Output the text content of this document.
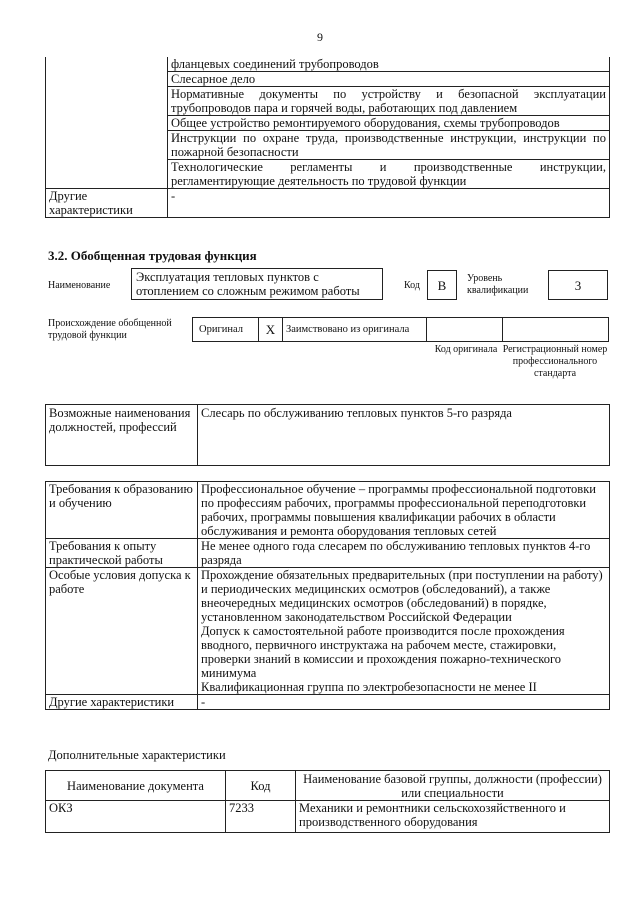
9
	фланцевых соединений трубопроводов
	Слесарное дело
	Нормативные документы по устройству и безопасной эксплуатации трубопроводов пара и горячей воды, работающих под давлением
	Общее устройство ремонтируемого оборудования, схемы трубопроводов
	Инструкции по охране труда, производственные инструкции, инструкции по пожарной безопасности
	Технологические регламенты и производственные инструкции, регламентирующие деятельность по трудовой функции
Другие характеристики	-
3.2. Обобщенная трудовая функция
Наименование
Эксплуатация тепловых пунктов с отоплением со сложным режимом работы	Код	В	Уровень квалификации	3
Происхождение обобщенной трудовой функции
Оригинал	X	Заимствовано из оригинала		
Код оригинала Регистрационный номер профессионального стандарта
Возможные наименования должностей, профессий	Слесарь по обслуживанию тепловых пунктов 5-го разряда
Требования к образованию и обучению	Профессиональное обучение – программы профессиональной подготовки по профессиям рабочих, программы профессиональной переподготовки рабочих, программы повышения квалификации рабочих в области обслуживания и ремонта оборудования тепловых сетей
Требования к опыту практической работы	Не менее одного года слесарем по обслуживанию тепловых пунктов 4-го разряда
Особые условия допуска к работе	Прохождение обязательных предварительных (при поступлении на работу) и периодических медицинских осмотров (обследований), а также внеочередных медицинских осмотров (обследований) в порядке, установленном законодательством Российской Федерации
Допуск к самостоятельной работе производится после прохождения вводного, первичного инструктажа на рабочем месте, стажировки, проверки знаний в комиссии и прохождения пожарно-технического минимума
Квалификационная группа по электробезопасности не менее II

Другие характеристики	-
Дополнительные характеристики
Наименование документа	Код	Наименование базовой группы, должности (профессии) или специальности
ОКЗ	7233	Механики и ремонтники сельскохозяйственного и производственного оборудования
